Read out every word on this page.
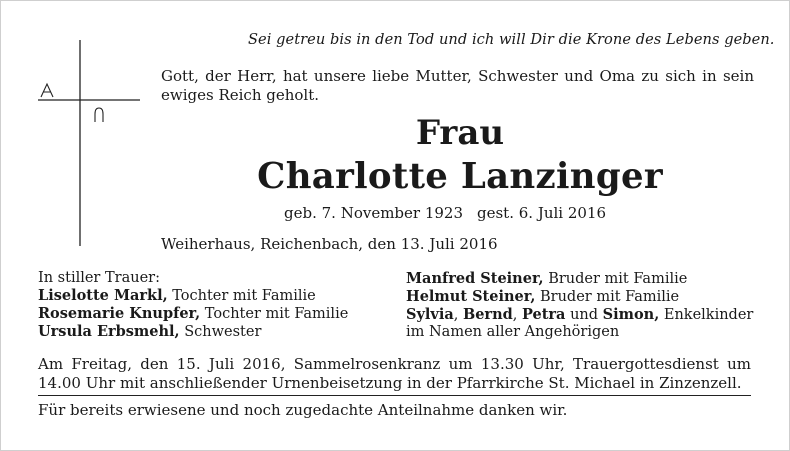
Sei getreu bis in den Tod und ich will Dir die Krone des Lebens geben.
Gott, der Herr, hat unsere liebe Mutter, Schwester und Oma zu sich in sein ewiges Reich geholt.
Frau
Charlotte Lanzinger
geb. 7. November 1923 gest. 6. Juli 2016
Weiherhaus, Reichenbach, den 13. Juli 2016
In stiller Trauer:
Liselotte Markl, Tochter mit Familie
Rosemarie Knupfer, Tochter mit Familie
Ursula Erbsmehl, Schwester
Manfred Steiner, Bruder mit Familie
Helmut Steiner, Bruder mit Familie
Sylvia, Bernd, Petra und Simon, Enkelkinder
im Namen aller Angehörigen
Am Freitag, den 15. Juli 2016, Sammelrosenkranz um 13.30 Uhr, Trauergottesdienst um 14.00 Uhr mit anschließender Urnenbeisetzung in der Pfarrkirche St. Michael in Zinzenzell.
Für bereits erwiesene und noch zugedachte Anteilnahme danken wir.
